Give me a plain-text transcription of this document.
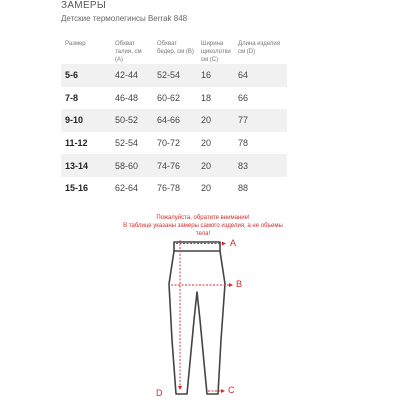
ЗАМЕРЫ
Детские термолегинсы Berrak 848
Размер	Обхват талии, см (А)	Обхват бедер, см (В)	Ширина щиколотки см (С)	Длина изделия см (D)
5-6	42-44	52-54	16	64
7-8	46-48	60-62	18	66
9-10	50-52	64-66	20	77
11-12	52-54	70-72	20	78
13-14	58-60	74-76	20	83
15-16	62-64	76-78	20	88
Пожалуйста, обратите внимание!
В таблице указаны замеры самого изделия, а не объемы тела!
A
B
C
D
